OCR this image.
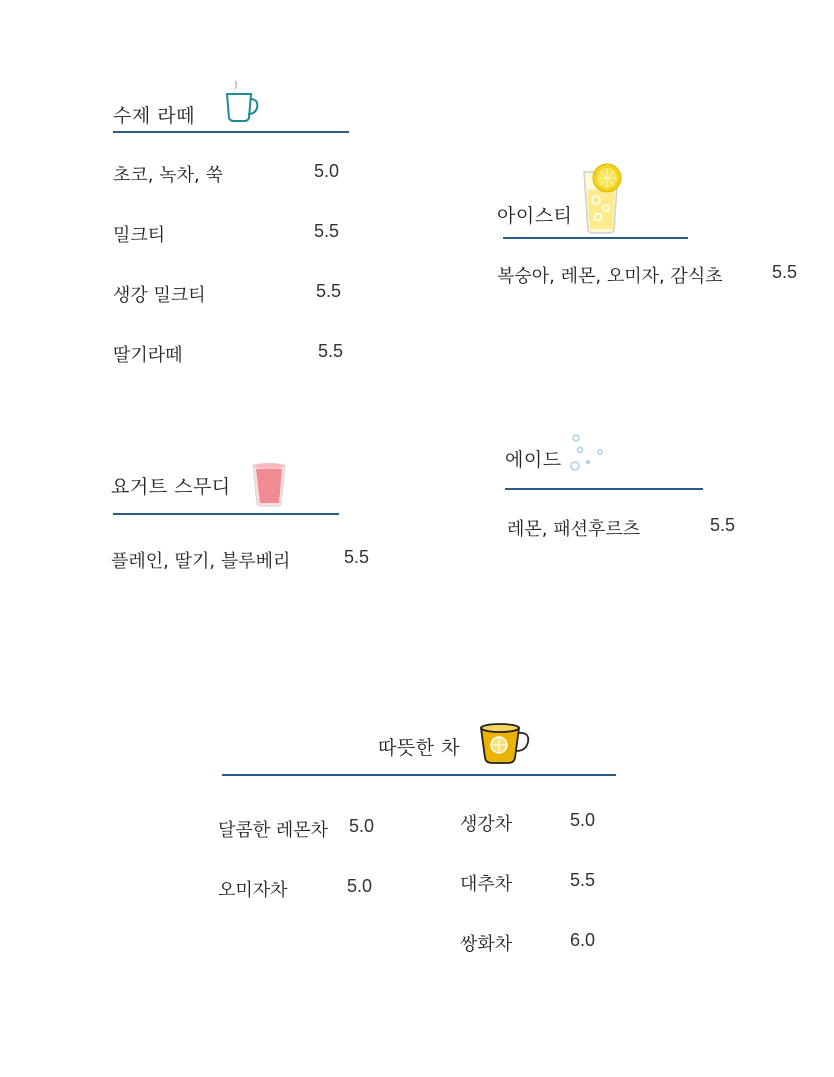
수제 라떼
초코, 녹차, 쑥	5.0
밀크티	5.5
생강 밀크티	5.5
딸기라떼	5.5
아이스티
복숭아, 레몬, 오미자, 감식초	5.5
에이드
레몬, 패션후르츠	5.5
요거트 스무디
플레인, 딸기, 블루베리	5.5
따뜻한 차
달콤한 레몬차 5.0
오미자차	5.0
생강차	5.0
대추차	5.5
쌍화차	6.0
